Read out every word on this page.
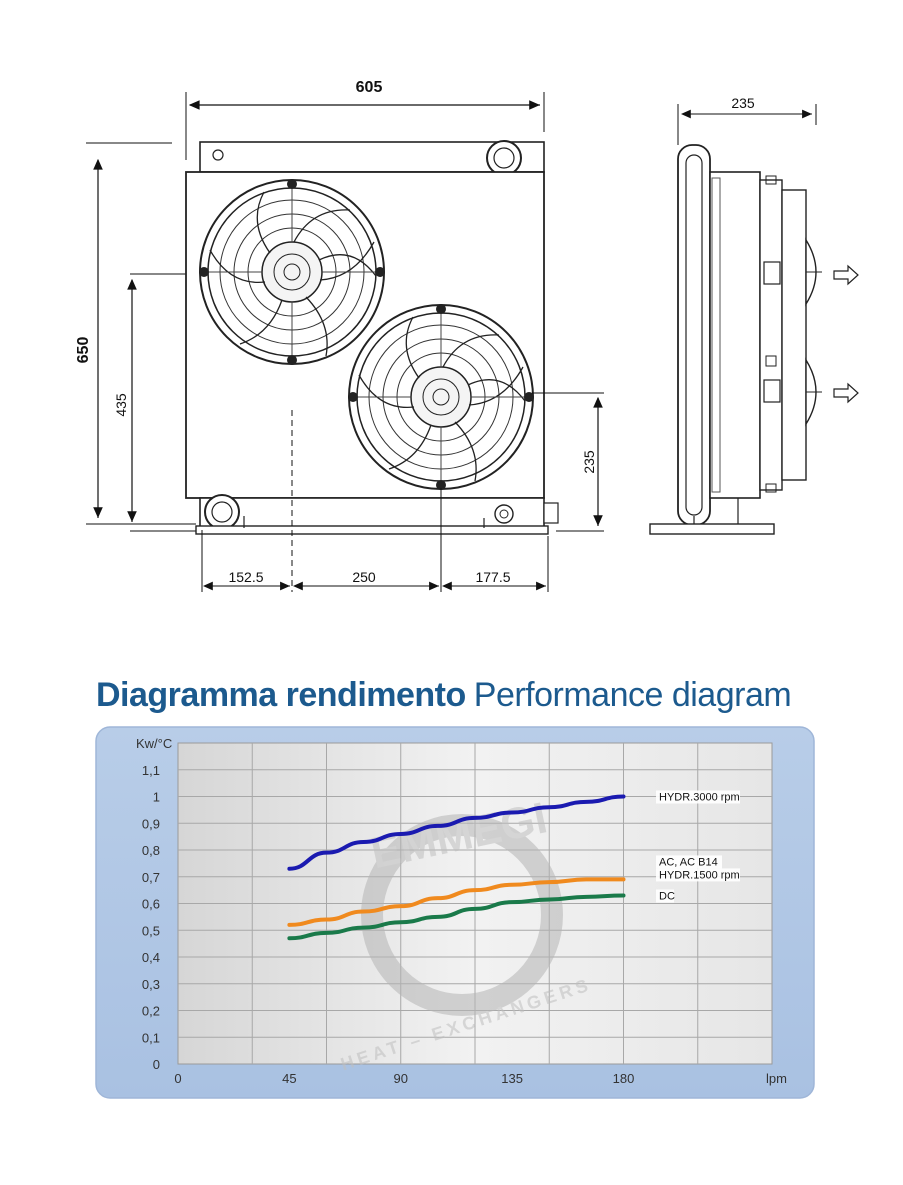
605
650
435
235
152.5	250	177.5
235
Diagramma rendimento Performance diagram
EMMEGI
HEAT – EXCHANGERS
0	45	90	135	180
0
0,1
0,2
0,3
0,4
0,5
0,6
0,7
0,8
0,9
1
1,1
HYDR.3000 rpm
AC, AC B14
HYDR.1500 rpm
DC
Kw/°C
lpm
